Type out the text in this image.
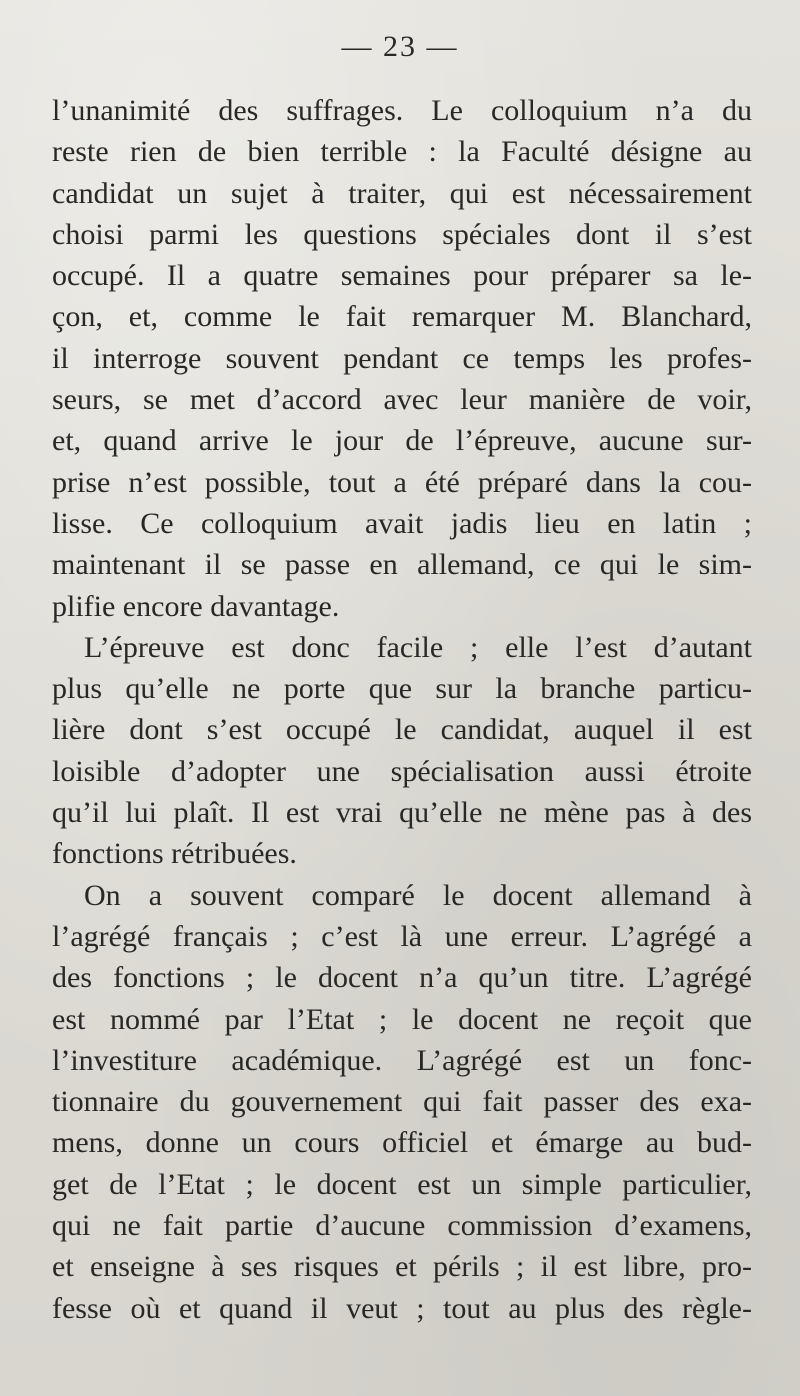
— 23 —
l’unanimité des suffrages. Le colloquium n’a du
reste rien de bien terrible : la Faculté désigne au
candidat un sujet à traiter, qui est nécessairement
choisi parmi les questions spéciales dont il s’est
occupé. Il a quatre semaines pour préparer sa le-
çon, et, comme le fait remarquer M. Blanchard,
il interroge souvent pendant ce temps les profes-
seurs, se met d’accord avec leur manière de voir,
et, quand arrive le jour de l’épreuve, aucune sur-
prise n’est possible, tout a été préparé dans la cou-
lisse. Ce colloquium avait jadis lieu en latin ;
maintenant il se passe en allemand, ce qui le sim-
plifie encore davantage.
L’épreuve est donc facile ; elle l’est d’autant
plus qu’elle ne porte que sur la branche particu-
lière dont s’est occupé le candidat, auquel il est
loisible d’adopter une spécialisation aussi étroite
qu’il lui plaît. Il est vrai qu’elle ne mène pas à des
fonctions rétribuées.
On a souvent comparé le docent allemand à
l’agrégé français ; c’est là une erreur. L’agrégé a
des fonctions ; le docent n’a qu’un titre. L’agrégé
est nommé par l’Etat ; le docent ne reçoit que
l’investiture académique. L’agrégé est un fonc-
tionnaire du gouvernement qui fait passer des exa-
mens, donne un cours officiel et émarge au bud-
get de l’Etat ; le docent est un simple particulier,
qui ne fait partie d’aucune commission d’examens,
et enseigne à ses risques et périls ; il est libre, pro-
fesse où et quand il veut ; tout au plus des règle-
